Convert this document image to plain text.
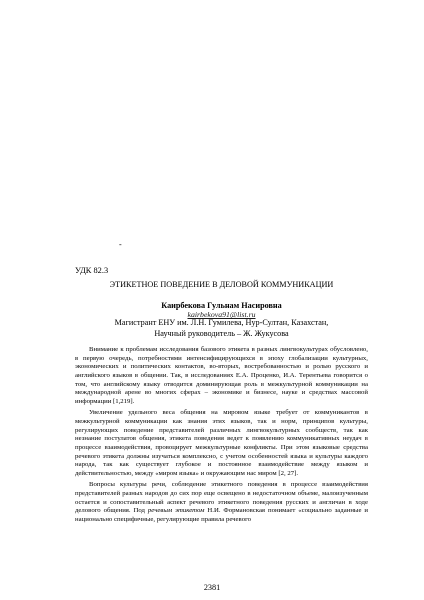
-
УДК 82.3
ЭТИКЕТНОЕ ПОВЕДЕНИЕ В ДЕЛОВОЙ КОММУНИКАЦИИ
Каирбекова Гульнам Насировна
kairbekova91@list.ru
Магистрант ЕНУ им. Л.Н. Гумилева, Нур-Султан, Казахстан,
Научный руководитель – Ж. Жукусова

Внимание к проблемам исследования базового этикета в разных лингвокультурах обусловлено, в первую очередь, потребностями интенсифицирующихся в эпоху глобализации культурных, экономических и политических контактов, во-вторых, востребованностью и ролью русского и английского языков в общении. Так, в исследованиях Е.А. Проценко, И.А. Терентьева говорится о том, что английскому языку отводится доминирующая роль в межкультурной коммуникации на международной арене во многих сферах – экономике и бизнесе, науке и средствах массовой информации [1,219].

Увеличение удельного веса общения на мировом языке требует от коммуникантов в межкультурной коммуникации как знания этих языков, так и норм, принципов культуры, регулирующих поведение представителей различных лингвокультурных сообществ, так как незнание постулатов общения, этикета поведения ведет к появлению коммуникативных неудач в процессе взаимодействия, провоцирует межкультурные конфликты. При этом языковые средства речевого этикета должны изучаться комплексно, с учетом особенностей языка и культуры каждого народа, так как существует глубокое и постоянное взаимодействие между языком и действительностью, между «миром языка» и окружающим нас миром [2, 27].

Вопросы культуры речи, соблюдение этикетного поведения в процессе взаимодействия представителей разных народов до сих пор еще освещено в недостаточном объеме, малоизученным остается и сопоставительный аспект речевого этикетного поведения русских и англичан в ходе делового общения. Под речевым этикетом Н.И. Формановская понимает «социально заданные и национально специфичные, регулирующие правила речевого

2381
